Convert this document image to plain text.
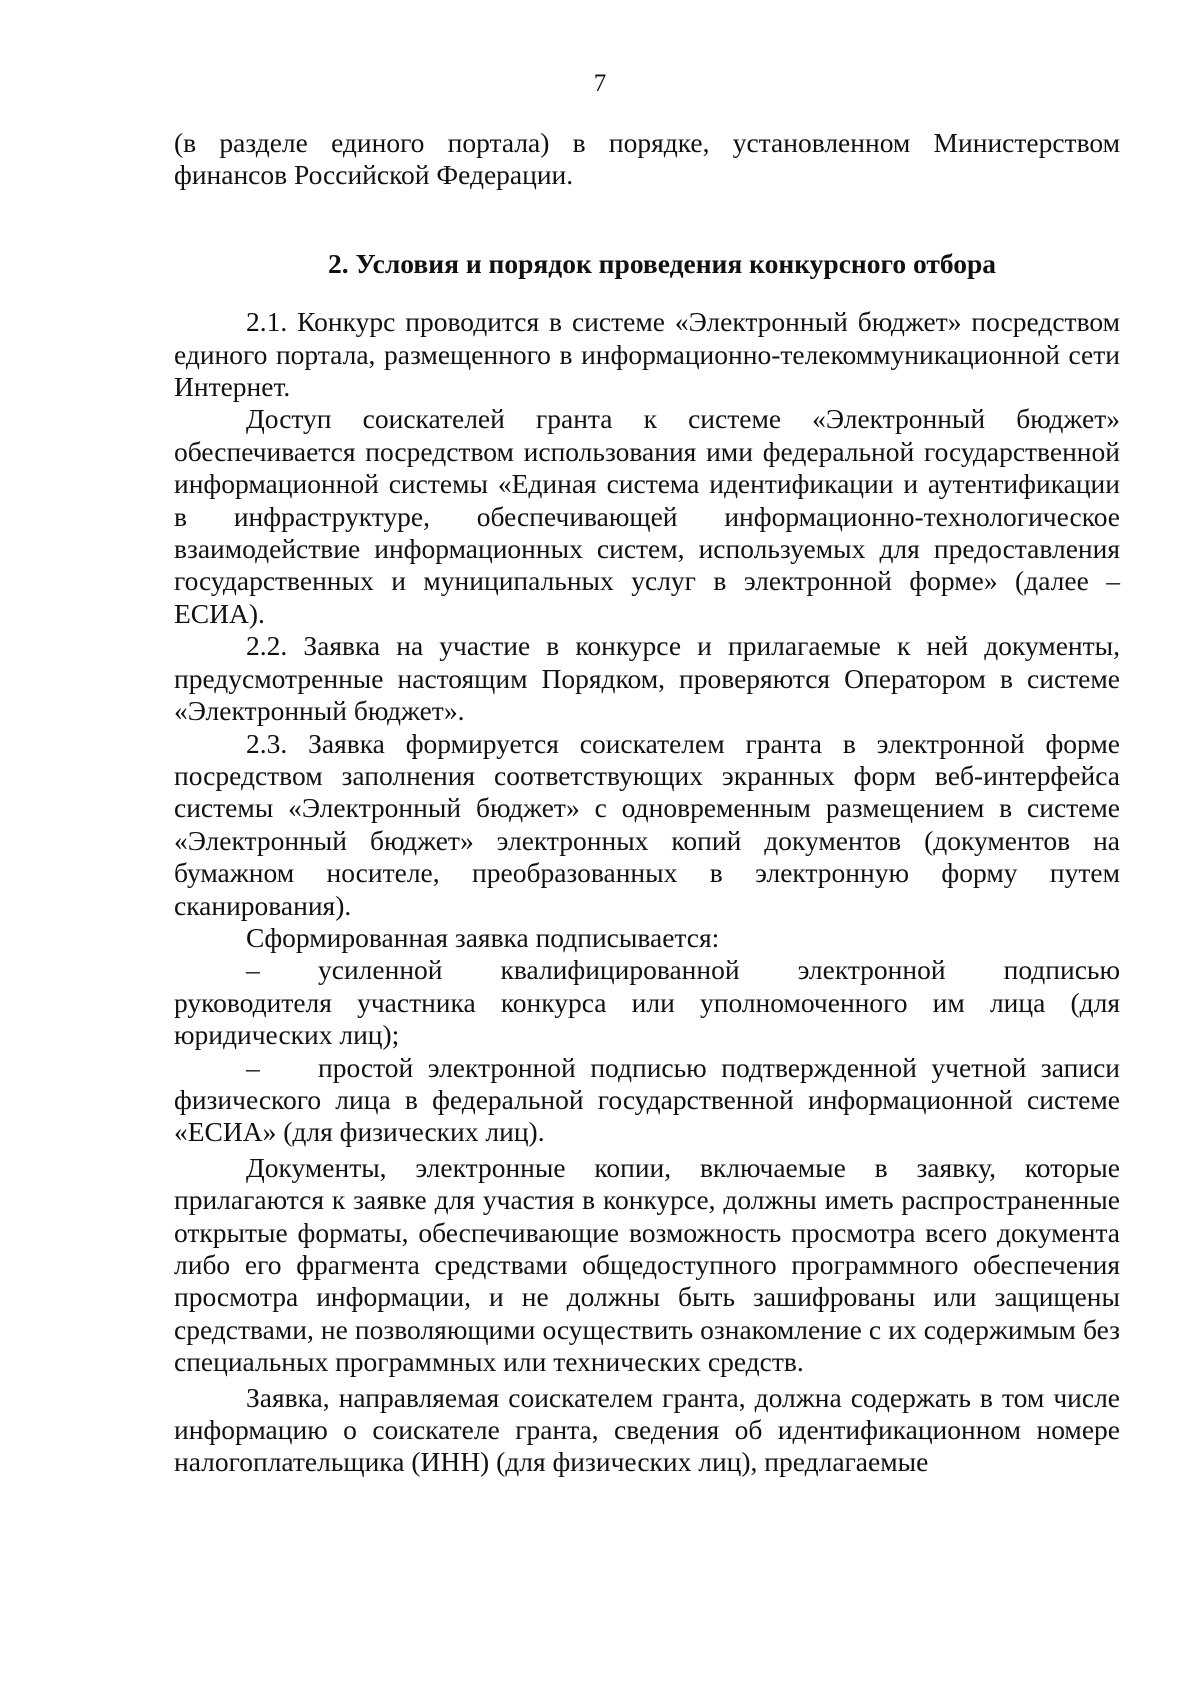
7

(в разделе единого портала) в порядке, установленном Министерством финансов Российской Федерации.

2. Условия и порядок проведения конкурсного отбора

2.1. Конкурс проводится в системе «Электронный бюджет» посредством единого портала, размещенного в информационно-телекоммуникационной сети Интернет.

Доступ соискателей гранта к системе «Электронный бюджет» обеспечивается посредством использования ими федеральной государственной информационной системы «Единая система идентификации и аутентификации в инфраструктуре, обеспечивающей информационно-технологическое взаимодействие информационных систем, используемых для предоставления государственных и муниципальных услуг в электронной форме» (далее – ЕСИА).

2.2. Заявка на участие в конкурсе и прилагаемые к ней документы, предусмотренные настоящим Порядком, проверяются Оператором в системе «Электронный бюджет».

2.3. Заявка формируется соискателем гранта в электронной форме посредством заполнения соответствующих экранных форм веб-интерфейса системы «Электронный бюджет» с одновременным размещением в системе «Электронный бюджет» электронных копий документов (документов на бумажном носителе, преобразованных в электронную форму путем сканирования).

Сформированная заявка подписывается:

– усиленной квалифицированной электронной подписью руководителя участника конкурса или уполномоченного им лица (для юридических лиц);

– простой электронной подписью подтвержденной учетной записи физического лица в федеральной государственной информационной системе «ЕСИА» (для физических лиц).

Документы, электронные копии, включаемые в заявку, которые прилагаются к заявке для участия в конкурсе, должны иметь распространенные открытые форматы, обеспечивающие возможность просмотра всего документа либо его фрагмента средствами общедоступного программного обеспечения просмотра информации, и не должны быть зашифрованы или защищены средствами, не позволяющими осуществить ознакомление с их содержимым без специальных программных или технических средств.

Заявка, направляемая соискателем гранта, должна содержать в том числе информацию о соискателе гранта, сведения об идентификационном номере налогоплательщика (ИНН) (для физических лиц), предлагаемые
